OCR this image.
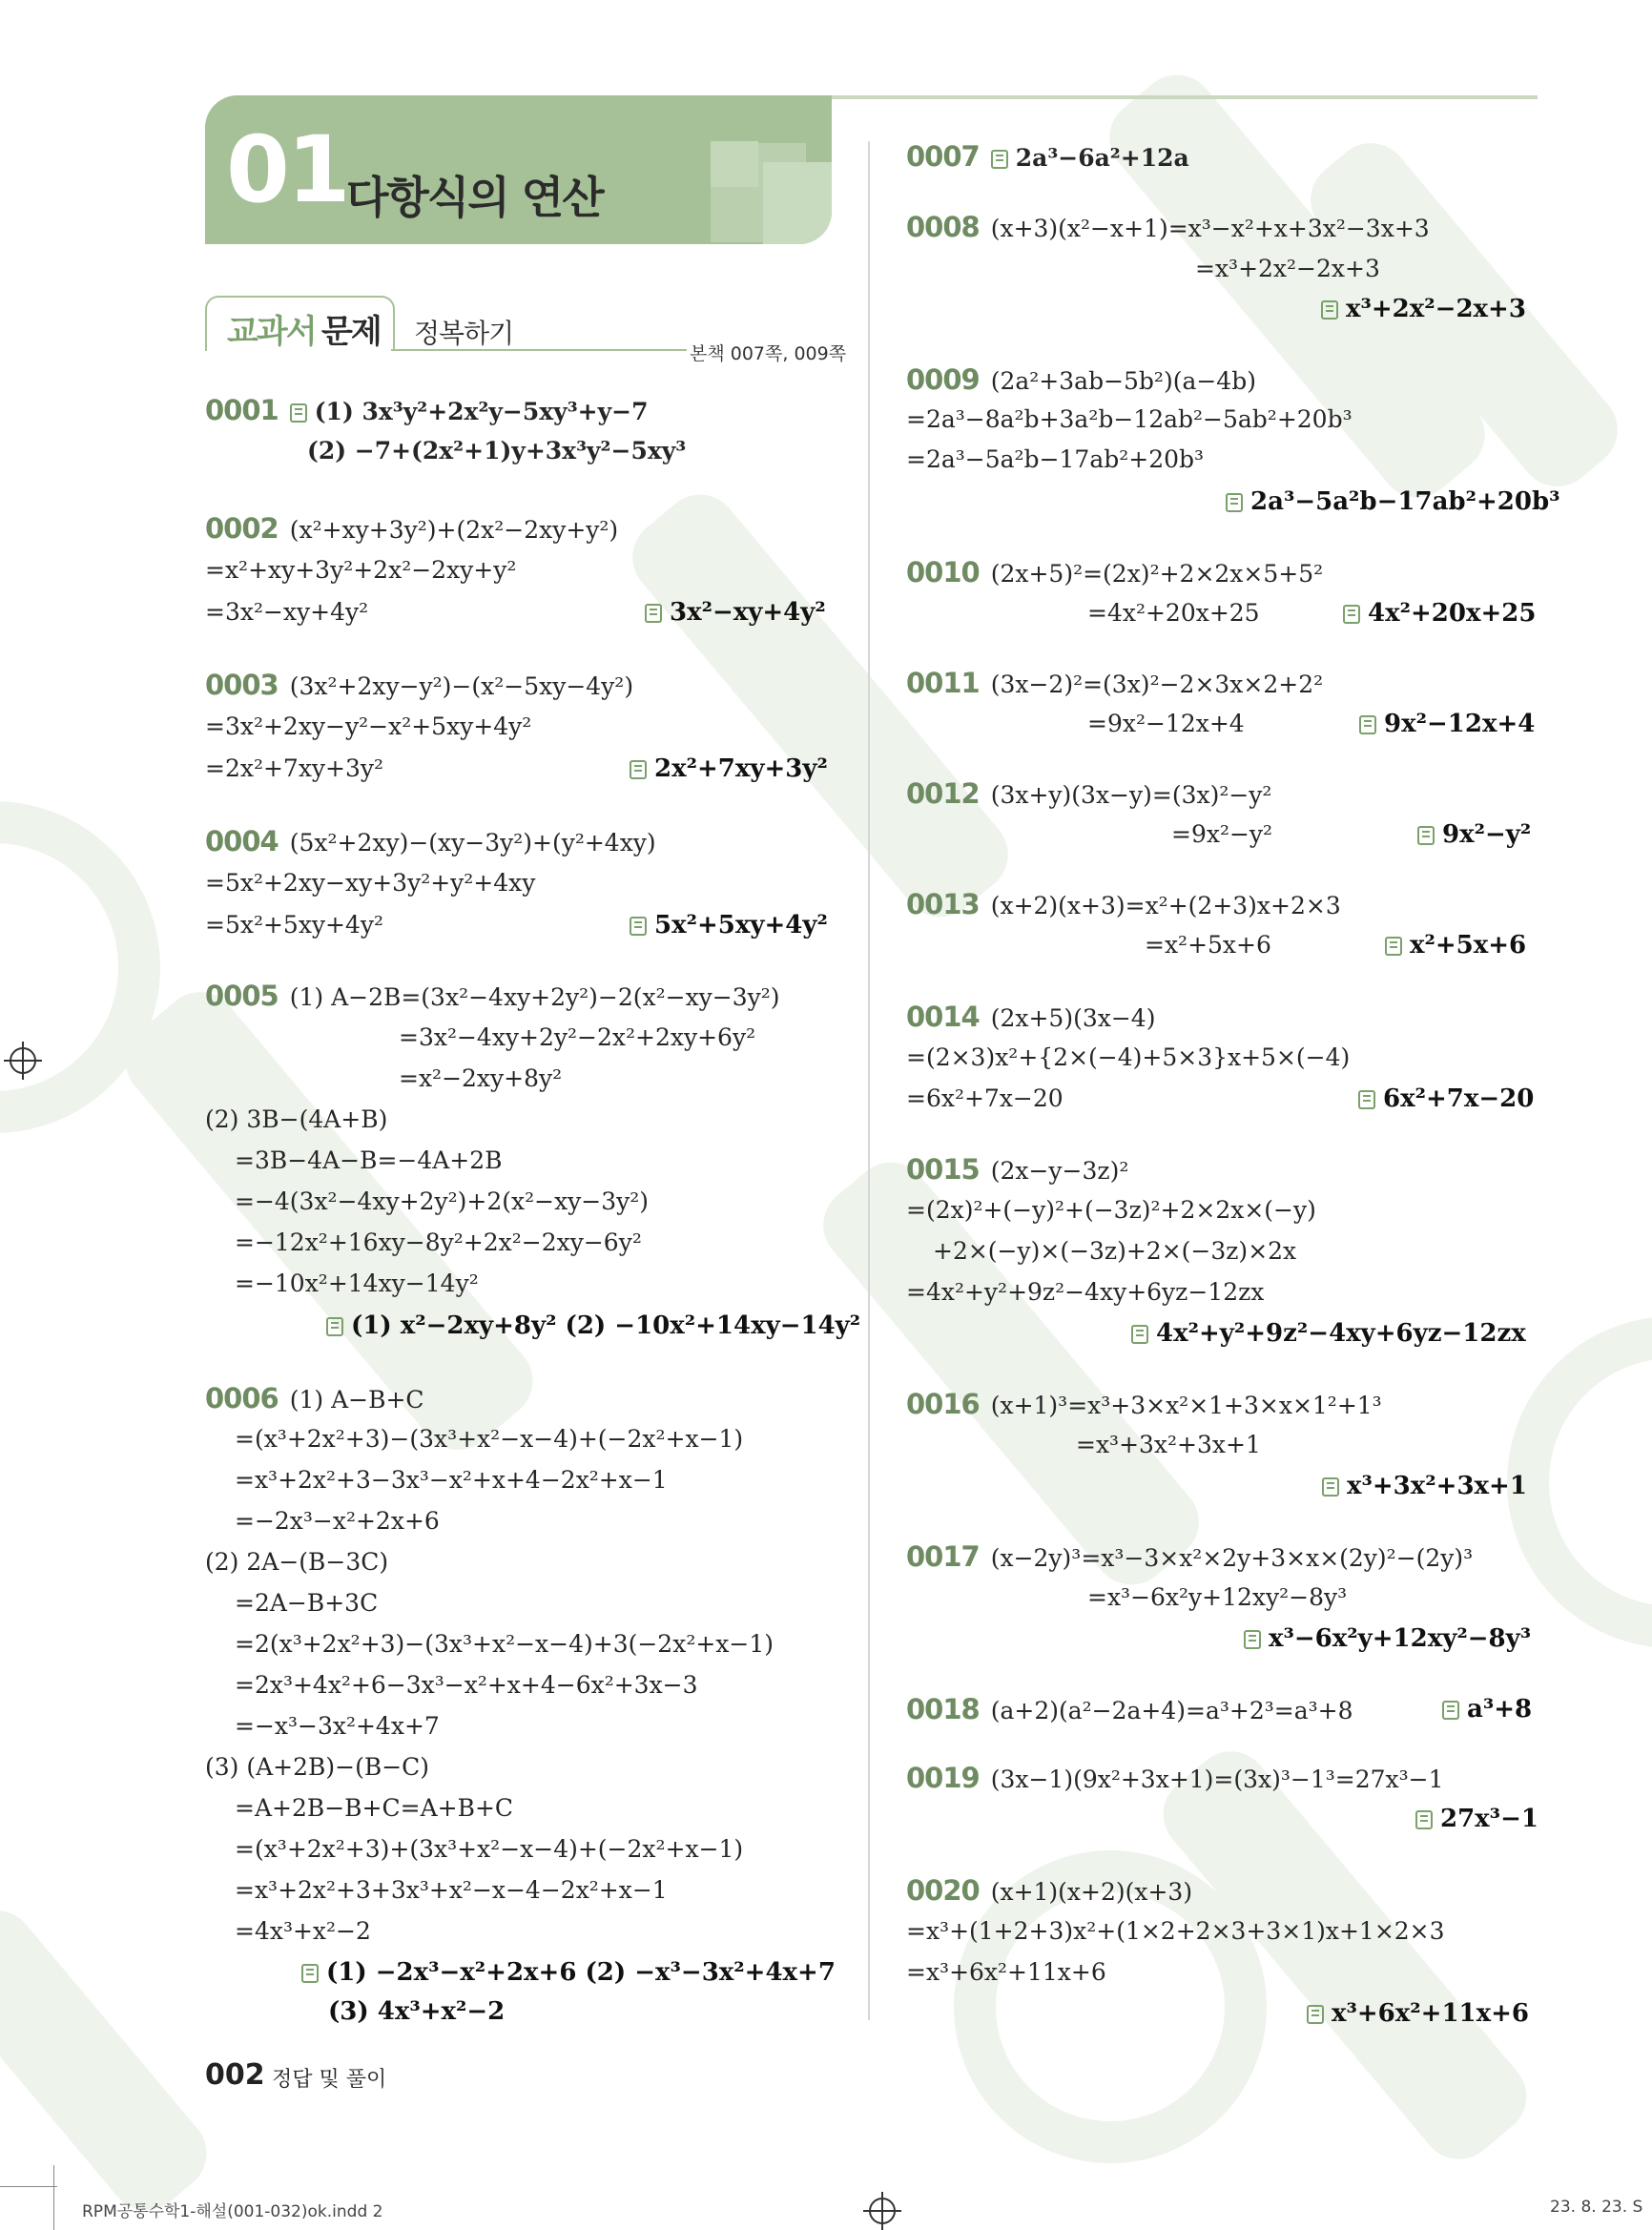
01
다항식의 연산
교과서 문제 정복하기
본책 007쪽, 009쪽
0001 (1) 3x³y²+2x²y−5xy³+y−7
(2) −7+(2x²+1)y+3x³y²−5xy³
0002 (x²+xy+3y²)+(2x²−2xy+y²)
=x²+xy+3y²+2x²−2xy+y²
=3x²−xy+4y²	3x²−xy+4y²
0003 (3x²+2xy−y²)−(x²−5xy−4y²)
=3x²+2xy−y²−x²+5xy+4y²
=2x²+7xy+3y²	2x²+7xy+3y²
0004 (5x²+2xy)−(xy−3y²)+(y²+4xy)
=5x²+2xy−xy+3y²+y²+4xy
=5x²+5xy+4y²	5x²+5xy+4y²
0005 (1) A−2B=(3x²−4xy+2y²)−2(x²−xy−3y²)
=3x²−4xy+2y²−2x²+2xy+6y²
=x²−2xy+8y²
(2) 3B−(4A+B)
=3B−4A−B=−4A+2B
=−4(3x²−4xy+2y²)+2(x²−xy−3y²)
=−12x²+16xy−8y²+2x²−2xy−6y²
=−10x²+14xy−14y²
(1) x²−2xy+8y² (2) −10x²+14xy−14y²
0006 (1) A−B+C
=(x³+2x²+3)−(3x³+x²−x−4)+(−2x²+x−1)
=x³+2x²+3−3x³−x²+x+4−2x²+x−1
=−2x³−x²+2x+6
(2) 2A−(B−3C)
=2A−B+3C
=2(x³+2x²+3)−(3x³+x²−x−4)+3(−2x²+x−1)
=2x³+4x²+6−3x³−x²+x+4−6x²+3x−3
=−x³−3x²+4x+7
(3) (A+2B)−(B−C)
=A+2B−B+C=A+B+C
=(x³+2x²+3)+(3x³+x²−x−4)+(−2x²+x−1)
=x³+2x²+3+3x³+x²−x−4−2x²+x−1
=4x³+x²−2
(1) −2x³−x²+2x+6 (2) −x³−3x²+4x+7
(3) 4x³+x²−2
0007 2a³−6a²+12a
0008 (x+3)(x²−x+1)=x³−x²+x+3x²−3x+3
=x³+2x²−2x+3
x³+2x²−2x+3
0009 (2a²+3ab−5b²)(a−4b)
=2a³−8a²b+3a²b−12ab²−5ab²+20b³
=2a³−5a²b−17ab²+20b³
2a³−5a²b−17ab²+20b³
0010 (2x+5)²=(2x)²+2×2x×5+5²
=4x²+20x+25	4x²+20x+25
0011 (3x−2)²=(3x)²−2×3x×2+2²
=9x²−12x+4	9x²−12x+4
0012 (3x+y)(3x−y)=(3x)²−y²
=9x²−y²	9x²−y²
0013 (x+2)(x+3)=x²+(2+3)x+2×3
=x²+5x+6	x²+5x+6
0014 (2x+5)(3x−4)
=(2×3)x²+{2×(−4)+5×3}x+5×(−4)
=6x²+7x−20	6x²+7x−20
0015 (2x−y−3z)²
=(2x)²+(−y)²+(−3z)²+2×2x×(−y)
+2×(−y)×(−3z)+2×(−3z)×2x
=4x²+y²+9z²−4xy+6yz−12zx
4x²+y²+9z²−4xy+6yz−12zx
0016 (x+1)³=x³+3×x²×1+3×x×1²+1³
=x³+3x²+3x+1
x³+3x²+3x+1
0017 (x−2y)³=x³−3×x²×2y+3×x×(2y)²−(2y)³
=x³−6x²y+12xy²−8y³
x³−6x²y+12xy²−8y³
0018 (a+2)(a²−2a+4)=a³+2³=a³+8	a³+8
0019 (3x−1)(9x²+3x+1)=(3x)³−1³=27x³−1
27x³−1
0020 (x+1)(x+2)(x+3)
=x³+(1+2+3)x²+(1×2+2×3+3×1)x+1×2×3
=x³+6x²+11x+6
x³+6x²+11x+6
002 정답 및 풀이
RPM공통수학1-해설(001-032)ok.indd 2	23. 8. 23. S
